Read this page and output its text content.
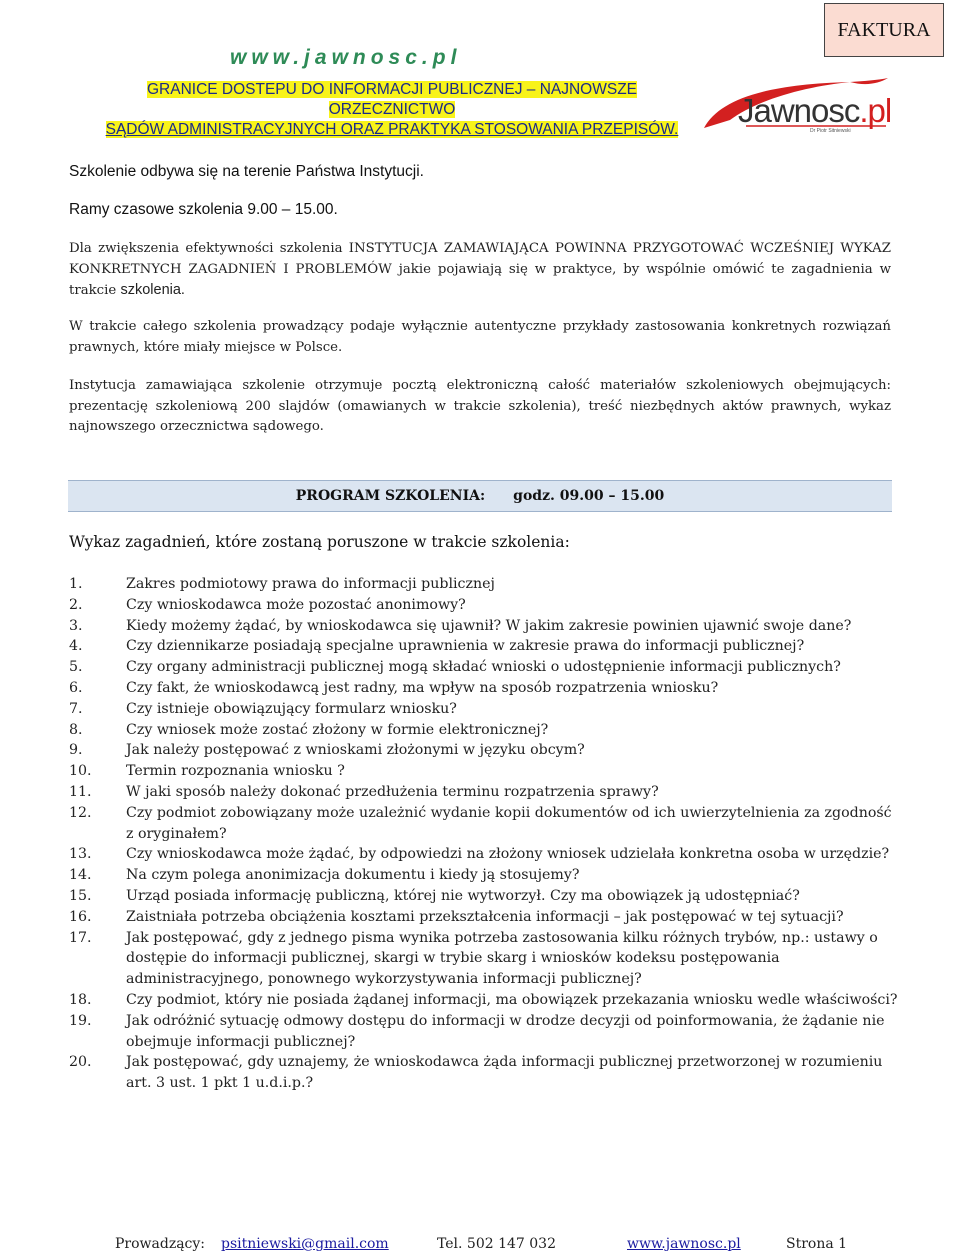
FAKTURA
www.jawnosc.pl
GRANICE DOSTEPU DO INFORMACJI PUBLICZNEJ – NAJNOWSZE ORZECZNICTWO
SĄDÓW ADMINISTRACYJNYCH ORAZ PRAKTYKA STOSOWANIA PRZEPISÓW.
Jawnosc.pl
Dr Piotr Sitniewski
Szkolenie odbywa się na terenie Państwa Instytucji.
Ramy czasowe szkolenia 9.00 – 15.00.
Dla zwiększenia efektywności szkolenia INSTYTUCJA ZAMAWIAJĄCA POWINNA PRZYGOTOWAĆ WCZEŚNIEJ WYKAZ KONKRETNYCH ZAGADNIEŃ I PROBLEMÓW jakie pojawiają się w praktyce, by wspólnie omówić te zagadnienia w trakcie szkolenia.
W trakcie całego szkolenia prowadzący podaje wyłącznie autentyczne przykłady zastosowania konkretnych rozwiązań prawnych, które miały miejsce w Polsce.
Instytucja zamawiająca szkolenie otrzymuje pocztą elektroniczną całość materiałów szkoleniowych obejmujących: prezentację szkoleniową 200 slajdów (omawianych w trakcie szkolenia), treść niezbędnych aktów prawnych, wykaz najnowszego orzecznictwa sądowego.
PROGRAM SZKOLENIA: godz. 09.00 – 15.00
Wykaz zagadnień, które zostaną poruszone w trakcie szkolenia:
1.	Zakres podmiotowy prawa do informacji publicznej
2.	Czy wnioskodawca może pozostać anonimowy?
3.	Kiedy możemy żądać, by wnioskodawca się ujawnił? W jakim zakresie powinien ujawnić swoje dane?
4.	Czy dziennikarze posiadają specjalne uprawnienia w zakresie prawa do informacji publicznej?
5.	Czy organy administracji publicznej mogą składać wnioski o udostępnienie informacji publicznych?
6.	Czy fakt, że wnioskodawcą jest radny, ma wpływ na sposób rozpatrzenia wniosku?
7.	Czy istnieje obowiązujący formularz wniosku?
8.	Czy wniosek może zostać złożony w formie elektronicznej?
9.	Jak należy postępować z wnioskami złożonymi w języku obcym?
10.	Termin rozpoznania wniosku ?
11.	W jaki sposób należy dokonać przedłużenia terminu rozpatrzenia sprawy?
12.	Czy podmiot zobowiązany może uzależnić wydanie kopii dokumentów od ich uwierzytelnienia za zgodność z oryginałem?
13.	Czy wnioskodawca może żądać, by odpowiedzi na złożony wniosek udzielała konkretna osoba w urzędzie?
14.	Na czym polega anonimizacja dokumentu i kiedy ją stosujemy?
15.	Urząd posiada informację publiczną, której nie wytworzył. Czy ma obowiązek ją udostępniać?
16.	Zaistniała potrzeba obciążenia kosztami przekształcenia informacji – jak postępować w tej sytuacji?
17.	Jak postępować, gdy z jednego pisma wynika potrzeba zastosowania kilku różnych trybów, np.: ustawy o dostępie do informacji publicznej, skargi w trybie skarg i wniosków kodeksu postępowania administracyjnego, ponownego wykorzystywania informacji publicznej?
18.	Czy podmiot, który nie posiada żądanej informacji, ma obowiązek przekazania wniosku wedle właściwości?
19.	Jak odróżnić sytuację odmowy dostępu do informacji w drodze decyzji od poinformowania, że żądanie nie obejmuje informacji publicznej?
20.	Jak postępować, gdy uznajemy, że wnioskodawca żąda informacji publicznej przetworzonej w rozumieniu art. 3 ust. 1 pkt 1 u.d.i.p.?
Prowadzący: psitniewski@gmail.com	Tel. 502 147 032	www.jawnosc.pl	Strona 1
